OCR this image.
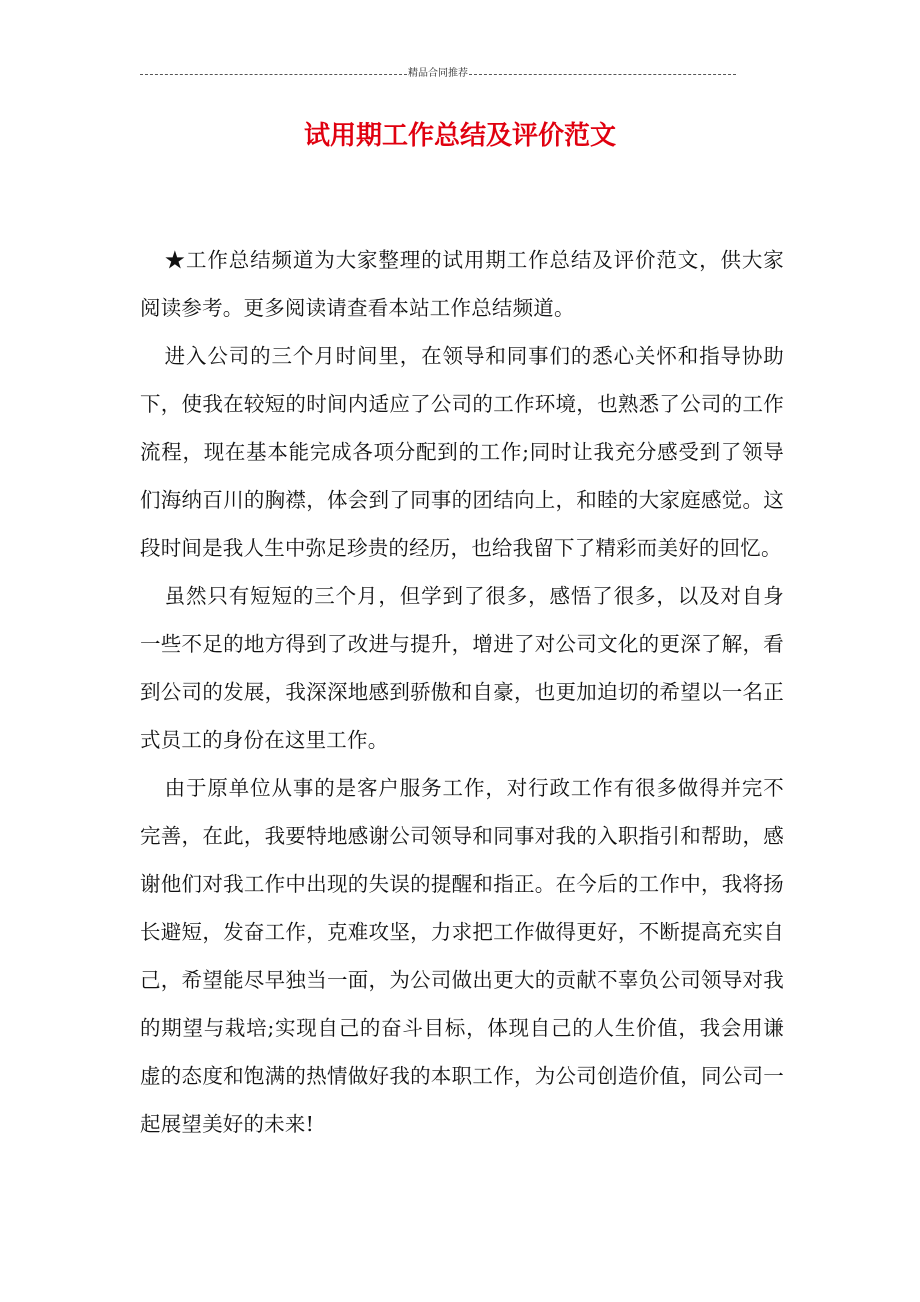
精品合同推荐
试用期工作总结及评价范文

★工作总结频道为大家整理的试用期工作总结及评价范文，供大家阅读参考。更多阅读请查看本站工作总结频道。

进入公司的三个月时间里，在领导和同事们的悉心关怀和指导协助下，使我在较短的时间内适应了公司的工作环境，也熟悉了公司的工作流程，现在基本能完成各项分配到的工作;同时让我充分感受到了领导们海纳百川的胸襟，体会到了同事的团结向上，和睦的大家庭感觉。这段时间是我人生中弥足珍贵的经历，也给我留下了精彩而美好的回忆。

虽然只有短短的三个月，但学到了很多，感悟了很多，以及对自身一些不足的地方得到了改进与提升，增进了对公司文化的更深了解，看到公司的发展，我深深地感到骄傲和自豪，也更加迫切的希望以一名正式员工的身份在这里工作。

由于原单位从事的是客户服务工作，对行政工作有很多做得并完不完善，在此，我要特地感谢公司领导和同事对我的入职指引和帮助，感谢他们对我工作中出现的失误的提醒和指正。在今后的工作中，我将扬长避短，发奋工作，克难攻坚，力求把工作做得更好，不断提高充实自己，希望能尽早独当一面，为公司做出更大的贡献不辜负公司领导对我的期望与栽培;实现自己的奋斗目标，体现自己的人生价值，我会用谦虚的态度和饱满的热情做好我的本职工作，为公司创造价值，同公司一起展望美好的未来!
